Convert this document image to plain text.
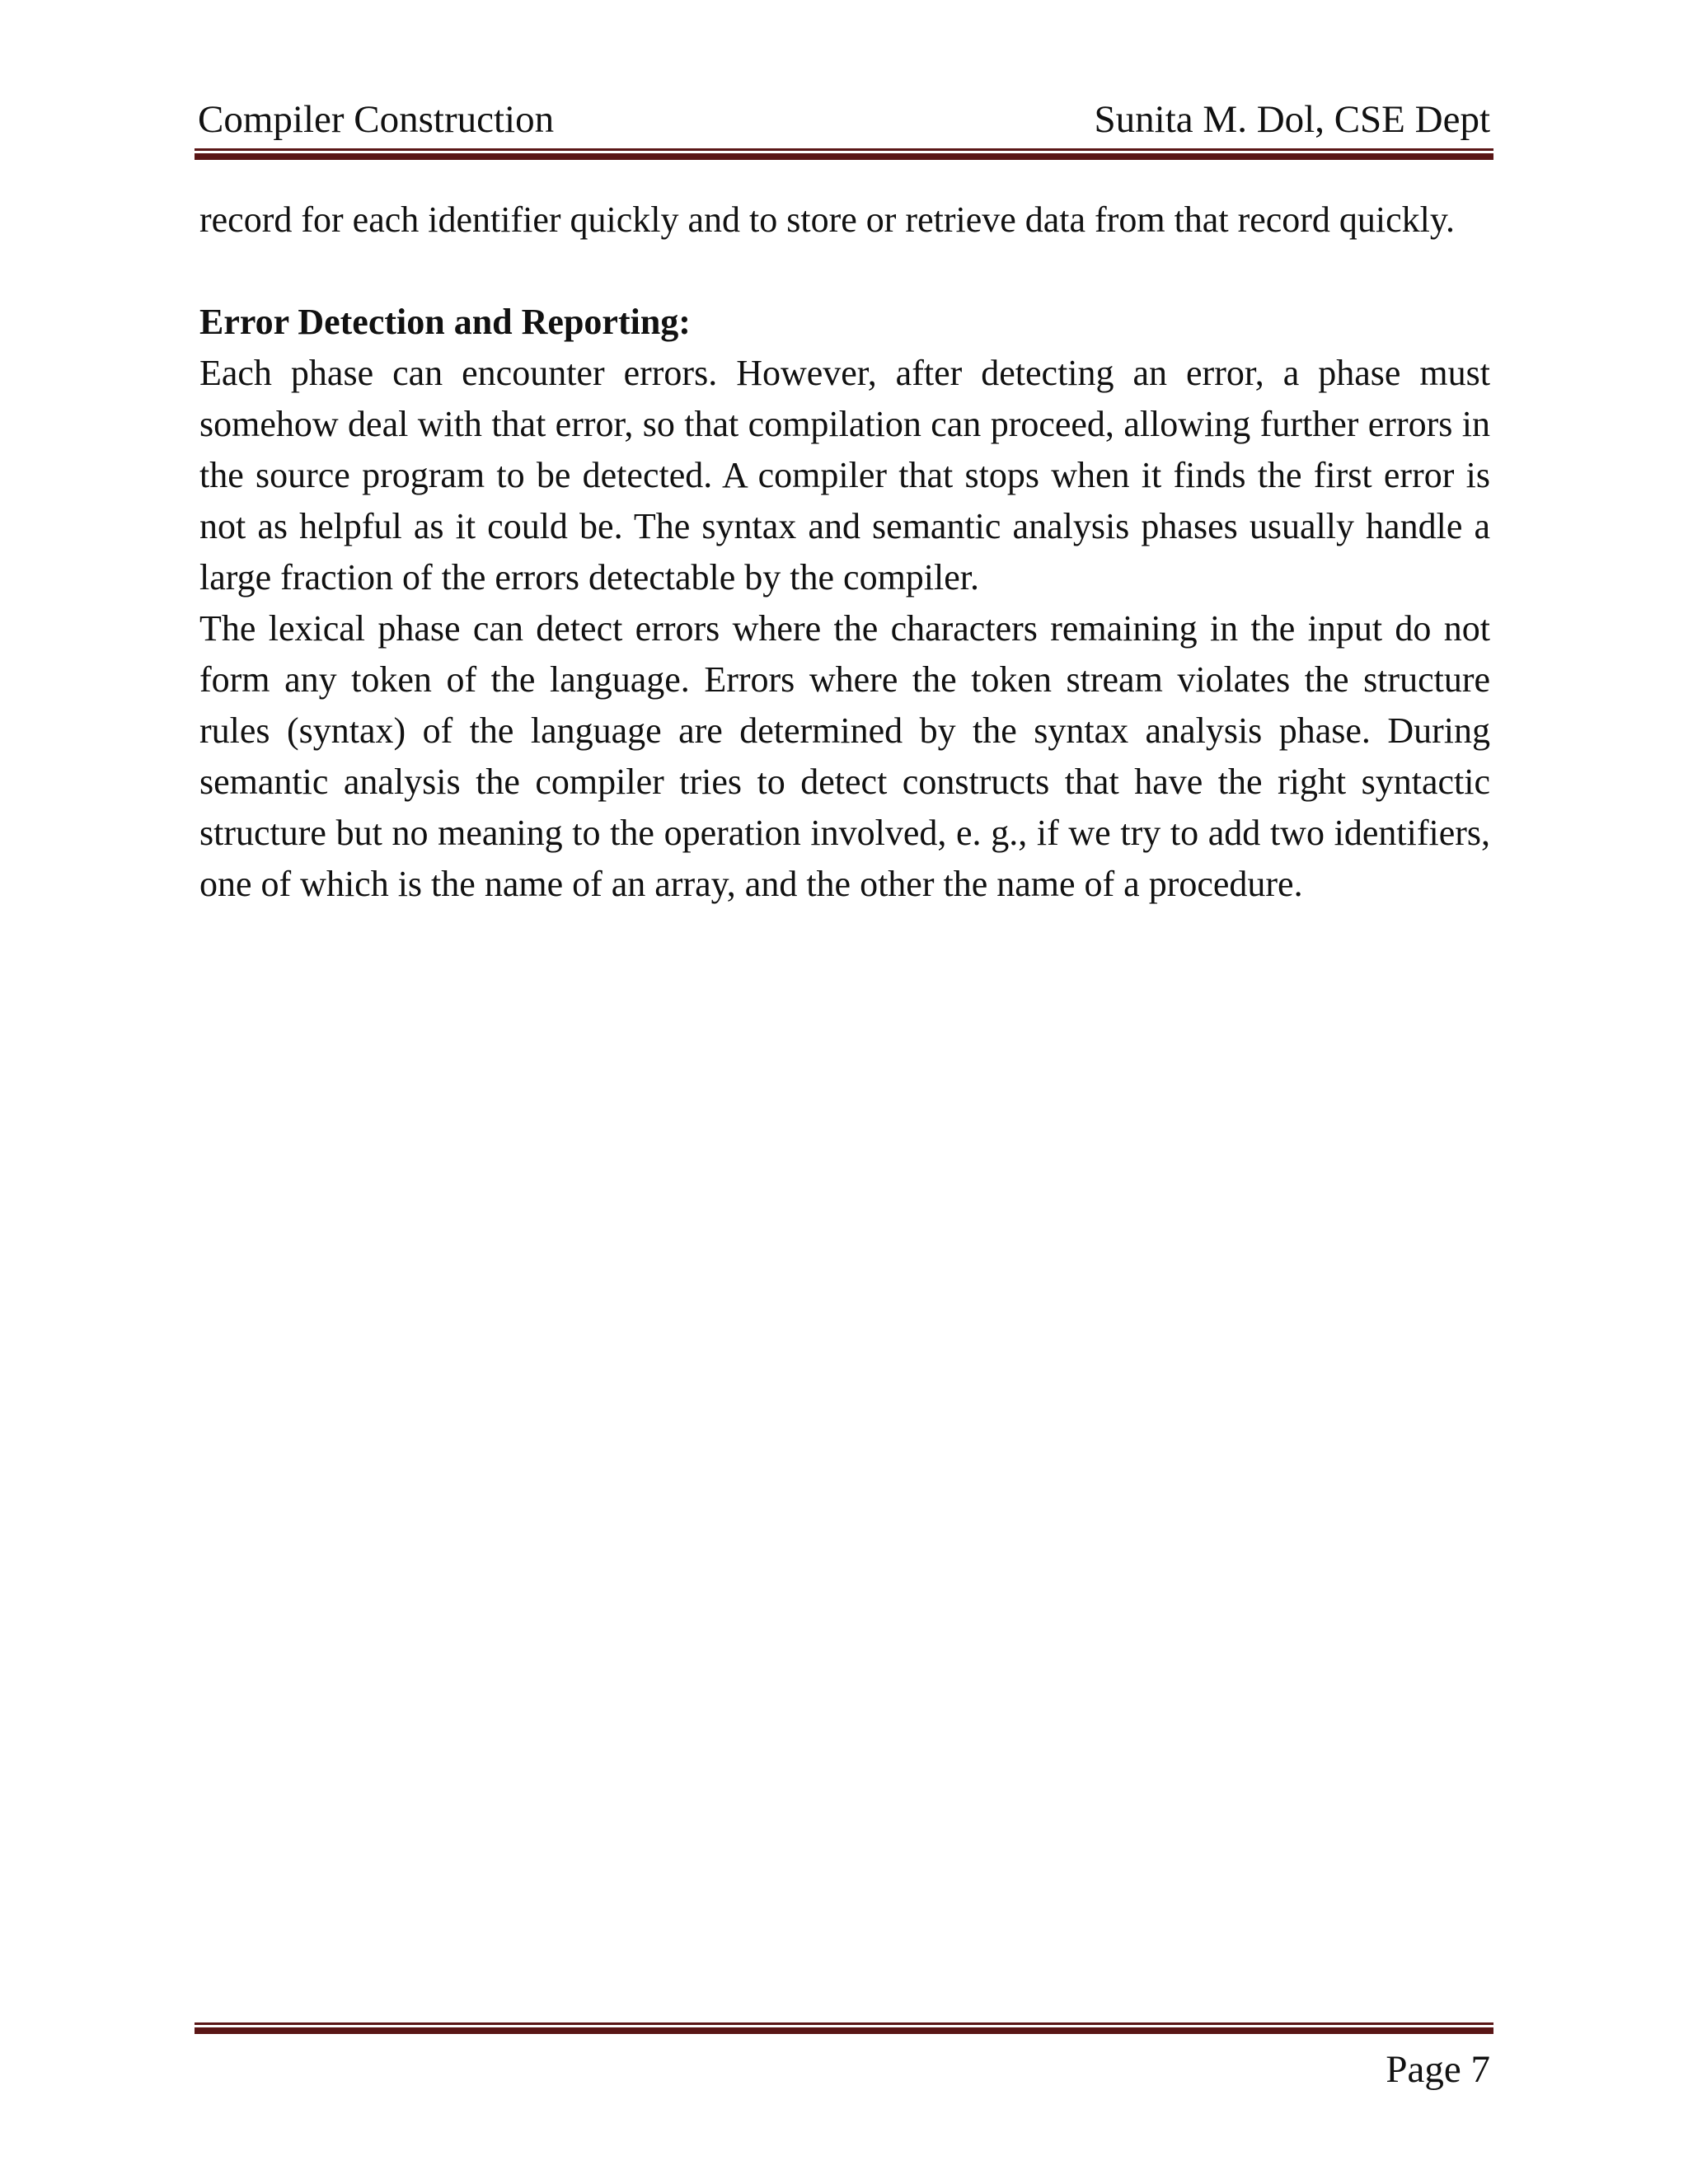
Compiler Construction	Sunita M. Dol, CSE Dept

record for each identifier quickly and to store or retrieve data from that record quickly.

Error Detection and Reporting:

Each phase can encounter errors. However, after detecting an error, a phase must somehow deal with that error, so that compilation can proceed, allowing further errors in the source program to be detected. A compiler that stops when it finds the first error is not as helpful as it could be. The syntax and semantic analysis phases usually handle a large fraction of the errors detectable by the compiler.

The lexical phase can detect errors where the characters remaining in the input do not form any token of the language. Errors where the token stream violates the structure rules (syntax) of the language are determined by the syntax analysis phase. During semantic analysis the compiler tries to detect constructs that have the right syntactic structure but no meaning to the operation involved, e. g., if we try to add two identifiers, one of which is the name of an array, and the other the name of a procedure.

Page 7
